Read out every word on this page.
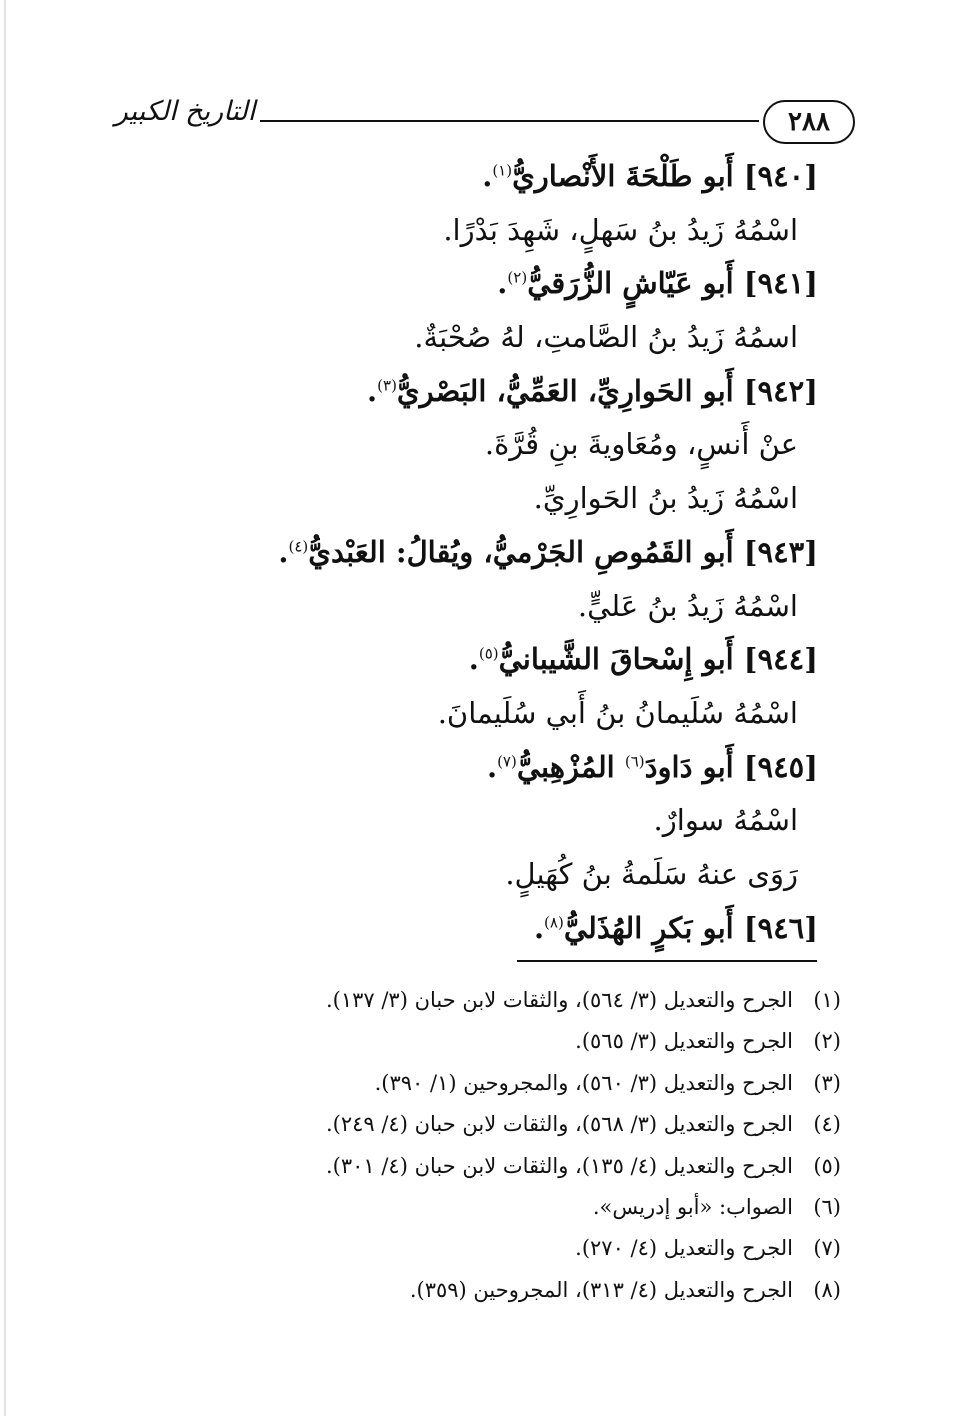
التاريخ الكبير	٢٨٨
[٩٤٠] أَبو طَلْحَةَ الأَنْصاريُّ$^{(١)}$.
اسْمُهُ زَيدُ بنُ سَهلٍ، شَهِدَ بَدْرًا.
[٩٤١] أَبو عَيّاشٍ الزُّرَقيُّ$^{(٢)}$.
اسمُهُ زَيدُ بنُ الصَّامتِ، لهُ صُحْبَةٌ.
[٩٤٢] أَبو الحَوارِيِّ، العَمِّيُّ، البَصْريُّ$^{(٣)}$.
عنْ أَنسٍ، ومُعَاويةَ بنِ قُرَّةَ.
اسْمُهُ زَيدُ بنُ الحَوارِيِّ.
[٩٤٣] أَبو القَمُوصِ الجَرْميُّ، ويُقالُ: العَبْديُّ$^{(٤)}$.
اسْمُهُ زَيدُ بنُ عَليٍّ.
[٩٤٤] أَبو إِسْحاقَ الشَّيبانيُّ$^{(٥)}$.
اسْمُهُ سُلَيمانُ بنُ أَبي سُلَيمانَ.
[٩٤٥] أَبو دَاودَ$^{(٦)}$ المُزْهِبيُّ$^{(٧)}$.
اسْمُهُ سوارٌ.
رَوَى عنهُ سَلَمةُ بنُ كُهَيلٍ.
[٩٤٦] أَبو بَكرٍ الهُذَليُّ$^{(٨)}$.
(١)الجرح والتعديل (٣/ ٥٦٤)، والثقات لابن حبان (٣/ ١٣٧).
(٢)الجرح والتعديل (٣/ ٥٦٥).
(٣)الجرح والتعديل (٣/ ٥٦٠)، والمجروحين (١/ ٣٩٠).
(٤)الجرح والتعديل (٣/ ٥٦٨)، والثقات لابن حبان (٤/ ٢٤٩).
(٥)الجرح والتعديل (٤/ ١٣٥)، والثقات لابن حبان (٤/ ٣٠١).
(٦)الصواب: «أبو إدريس».
(٧)الجرح والتعديل (٤/ ٢٧٠).
(٨)الجرح والتعديل (٤/ ٣١٣)، المجروحين (٣٥٩).
